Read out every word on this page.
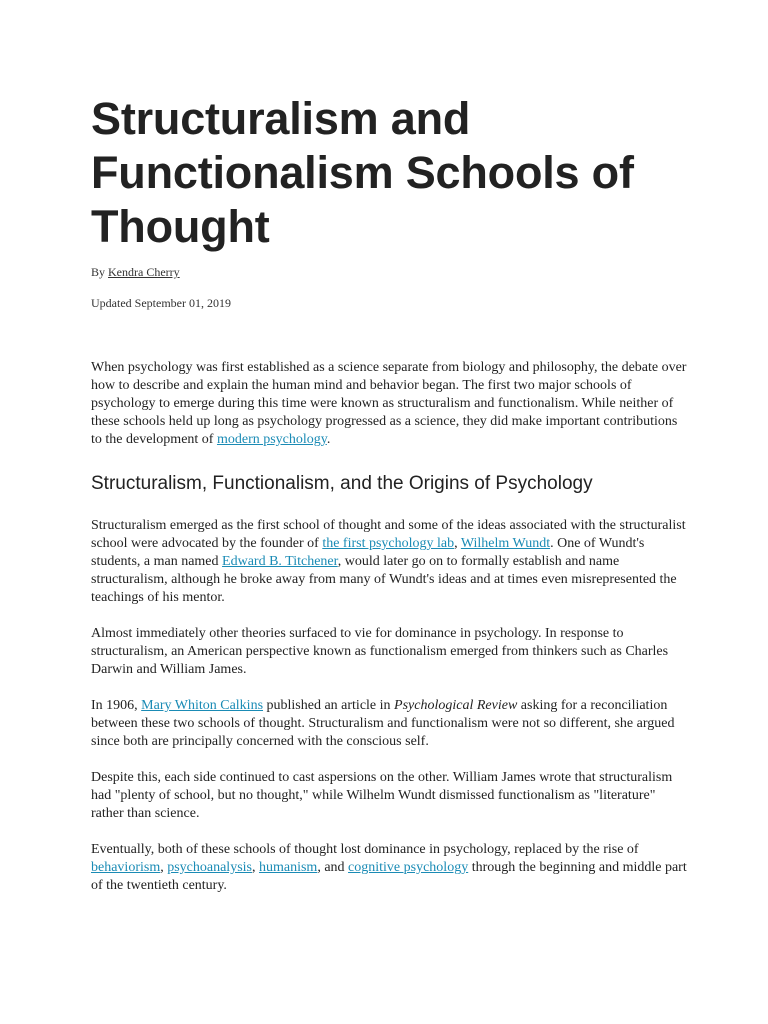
Structuralism and Functionalism Schools of Thought
By Kendra Cherry
Updated September 01, 2019

When psychology was first established as a science separate from biology and philosophy, the debate over how to describe and explain the human mind and behavior began. The first two major schools of psychology to emerge during this time were known as structuralism and functionalism. While neither of these schools held up long as psychology progressed as a science, they did make important contributions to the development of modern psychology.

Structuralism, Functionalism, and the Origins of Psychology

Structuralism emerged as the first school of thought and some of the ideas associated with the structuralist school were advocated by the founder of the first psychology lab, Wilhelm Wundt. One of Wundt's students, a man named Edward B. Titchener, would later go on to formally establish and name structuralism, although he broke away from many of Wundt's ideas and at times even misrepresented the teachings of his mentor.

Almost immediately other theories surfaced to vie for dominance in psychology. In response to structuralism, an American perspective known as functionalism emerged from thinkers such as Charles Darwin and William James.

In 1906, Mary Whiton Calkins published an article in Psychological Review asking for a reconciliation between these two schools of thought. Structuralism and functionalism were not so different, she argued since both are principally concerned with the conscious self.

Despite this, each side continued to cast aspersions on the other. William James wrote that structuralism had "plenty of school, but no thought," while Wilhelm Wundt dismissed functionalism as "literature" rather than science.

Eventually, both of these schools of thought lost dominance in psychology, replaced by the rise of behaviorism, psychoanalysis, humanism, and cognitive psychology through the beginning and middle part of the twentieth century.
